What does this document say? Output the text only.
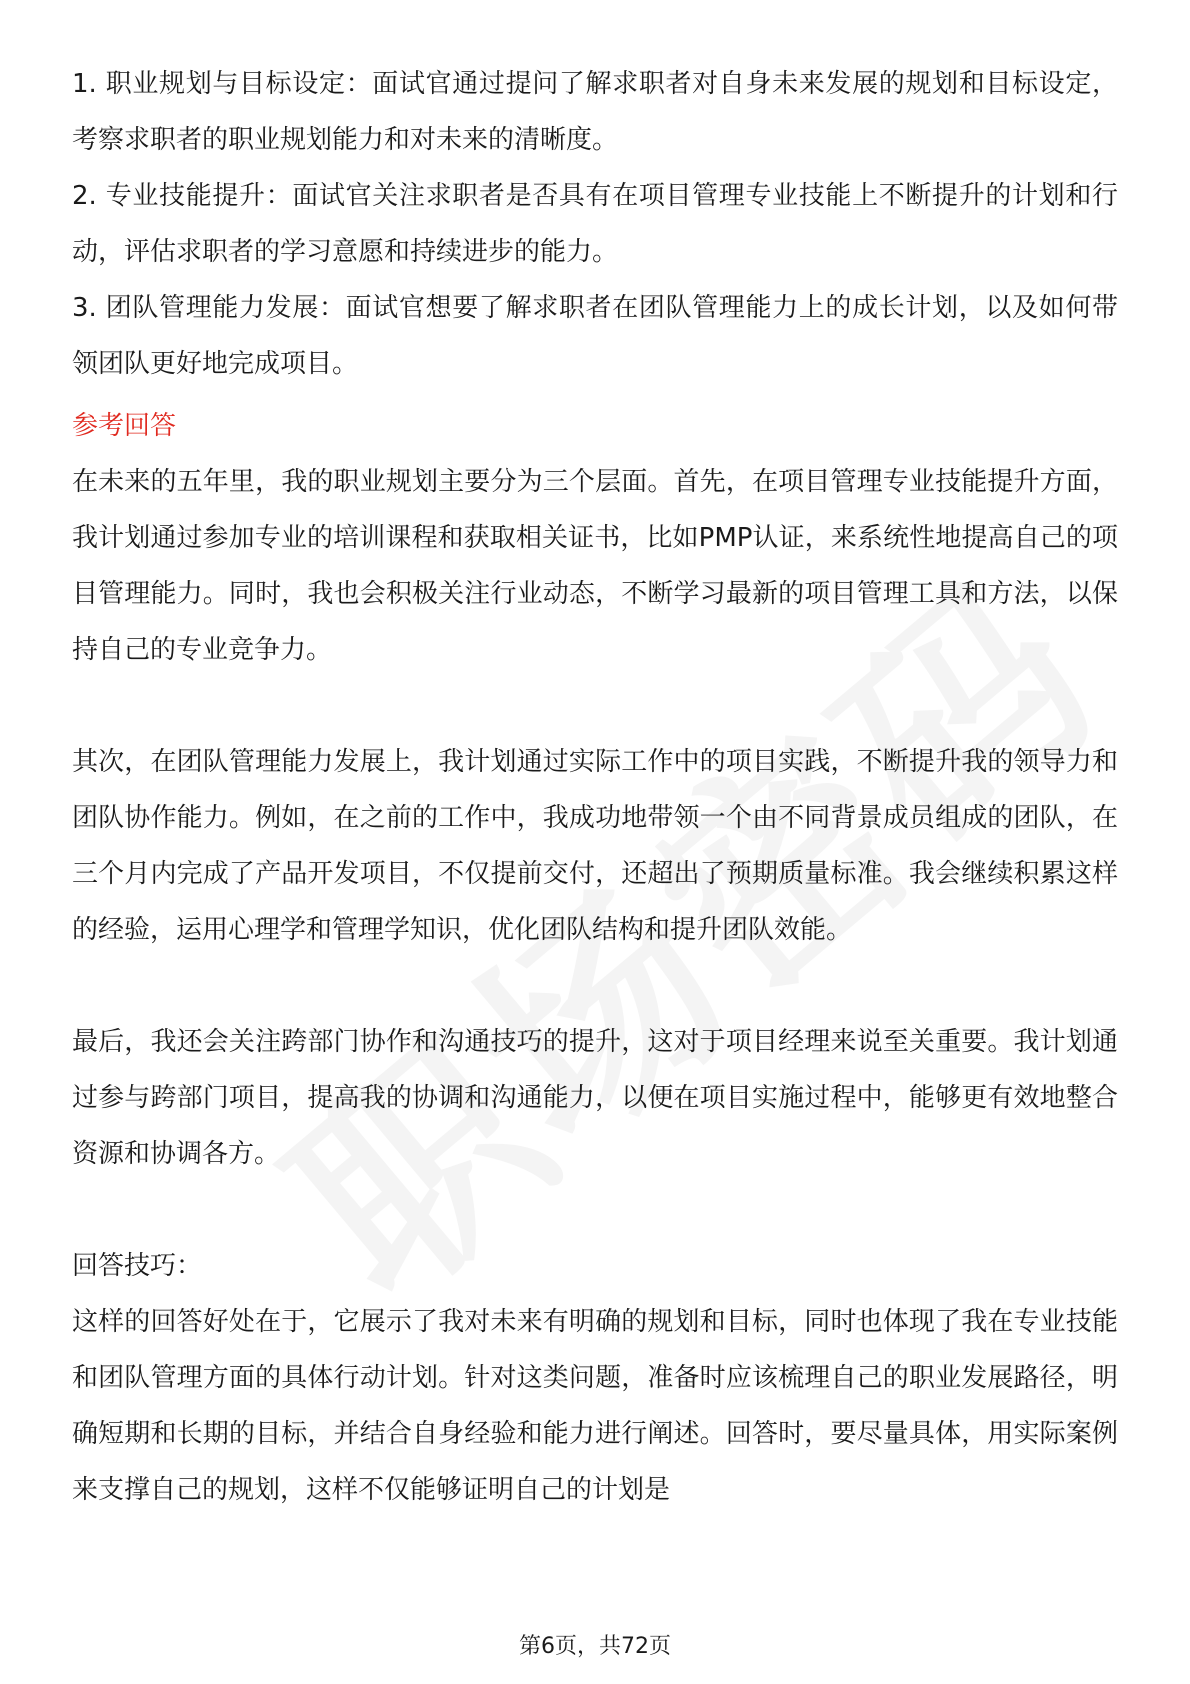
1. 职业规划与目标设定：面试官通过提问了解求职者对自身未来发展的规划和目标设定，考察求职者的职业规划能力和对未来的清晰度。

2. 专业技能提升：面试官关注求职者是否具有在项目管理专业技能上不断提升的计划和行动，评估求职者的学习意愿和持续进步的能力。

3. 团队管理能力发展：面试官想要了解求职者在团队管理能力上的成长计划，以及如何带领团队更好地完成项目。

参考回答

在未来的五年里，我的职业规划主要分为三个层面。首先，在项目管理专业技能提升方面，我计划通过参加专业的培训课程和获取相关证书，比如PMP认证，来系统性地提高自己的项目管理能力。同时，我也会积极关注行业动态，不断学习最新的项目管理工具和方法，以保持自己的专业竞争力。

其次，在团队管理能力发展上，我计划通过实际工作中的项目实践，不断提升我的领导力和团队协作能力。例如，在之前的工作中，我成功地带领一个由不同背景成员组成的团队，在三个月内完成了产品开发项目，不仅提前交付，还超出了预期质量标准。我会继续积累这样的经验，运用心理学和管理学知识，优化团队结构和提升团队效能。

最后，我还会关注跨部门协作和沟通技巧的提升，这对于项目经理来说至关重要。我计划通过参与跨部门项目，提高我的协调和沟通能力，以便在项目实施过程中，能够更有效地整合资源和协调各方。

回答技巧：

这样的回答好处在于，它展示了我对未来有明确的规划和目标，同时也体现了我在专业技能和团队管理方面的具体行动计划。针对这类问题，准备时应该梳理自己的职业发展路径，明确短期和长期的目标，并结合自身经验和能力进行阐述。回答时，要尽量具体，用实际案例来支撑自己的规划，这样不仅能够证明自己的计划是

第6页，共72页
